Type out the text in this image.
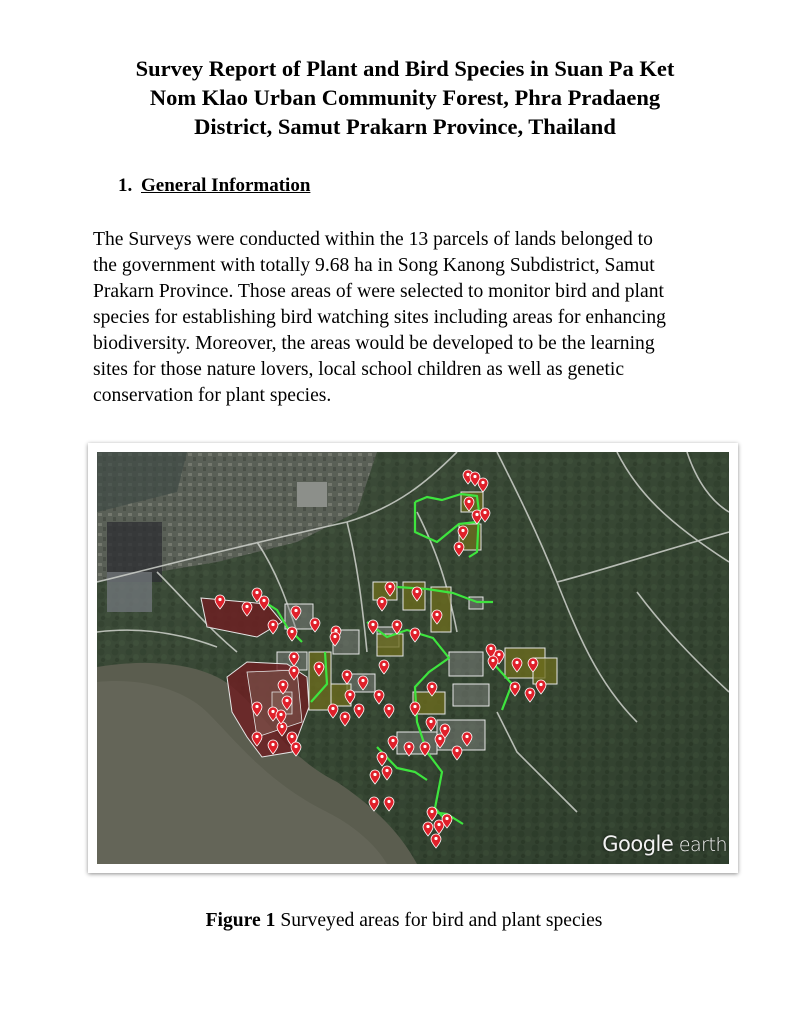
Survey Report of Plant and Bird Species in Suan Pa Ket
Nom Klao Urban Community Forest, Phra Pradaeng
District, Samut Prakarn Province, Thailand
1. General Information
The Surveys were conducted within the 13 parcels of lands belonged to
the government with totally 9.68 ha in Song Kanong Subdistrict, Samut
Prakarn Province. Those areas of were selected to monitor bird and plant
species for establishing bird watching sites including areas for enhancing
biodiversity. Moreover, the areas would be developed to be the learning
sites for those nature lovers, local school children as well as genetic
conservation for plant species.
Google earth
Figure 1 Surveyed areas for bird and plant species
